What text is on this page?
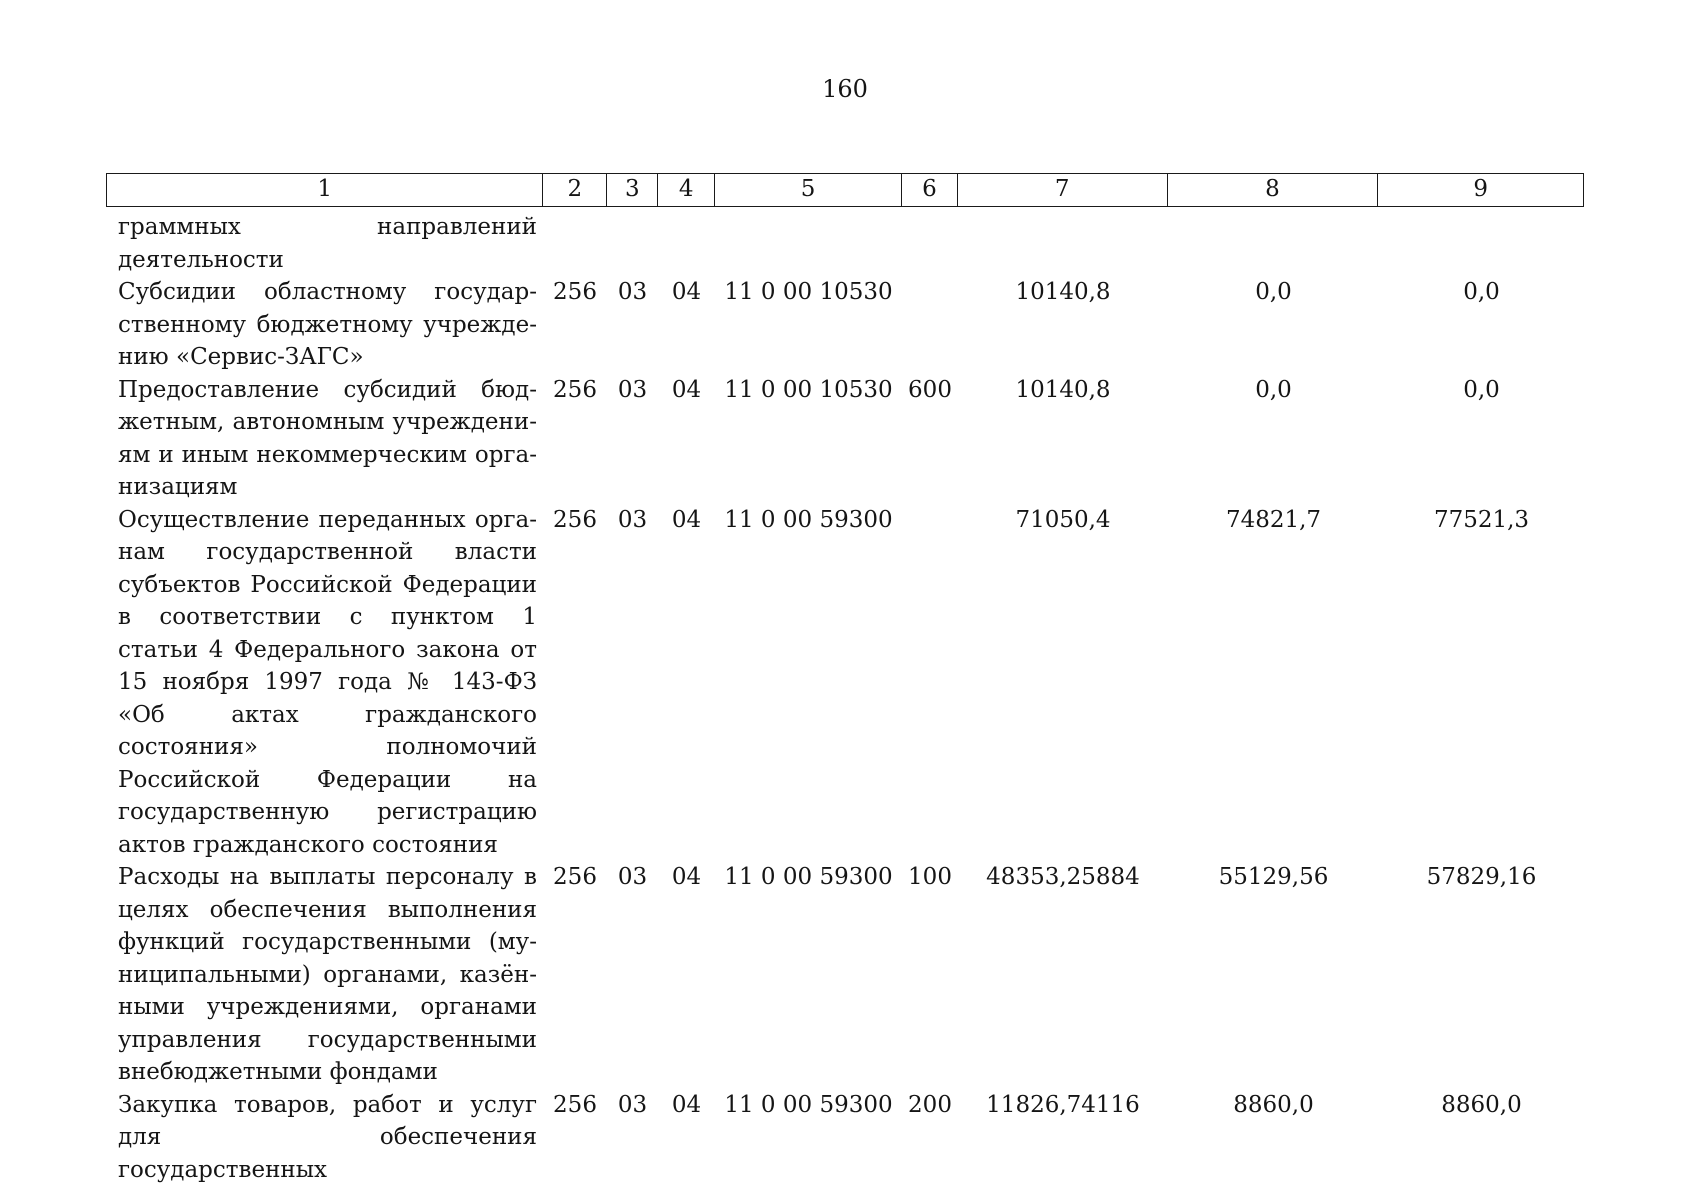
160
1	2	3	4	5	6	7	8	9
граммных направлений деятельности								
Субсидии областному государственному бюджетному учреждению «Сервис-ЗАГС»	256	03	04	11 0 00 10530		10140,8	0,0	0,0
Предоставление субсидий бюджетным, автономным учреждениям и иным некоммерческим организациям	256	03	04	11 0 00 10530	600	10140,8	0,0	0,0
Осуществление переданных органам государственной власти субъектов Российской Федерации в соответствии с пунктом 1 статьи 4 Федерального закона от 15 ноября 1997 года № 143-ФЗ «Об актах гражданского состояния» полномочий Российской Федерации на государственную регистрацию актов гражданского состояния	256	03	04	11 0 00 59300		71050,4	74821,7	77521,3
Расходы на выплаты персоналу в целях обеспечения выполнения функций государственными (муниципальными) органами, казёнными учреждениями, органами управления государственными внебюджетными фондами	256	03	04	11 0 00 59300	100	48353,25884	55129,56	57829,16
Закупка товаров, работ и услуг для обеспечения государственных	256	03	04	11 0 00 59300	200	11826,74116	8860,0	8860,0
